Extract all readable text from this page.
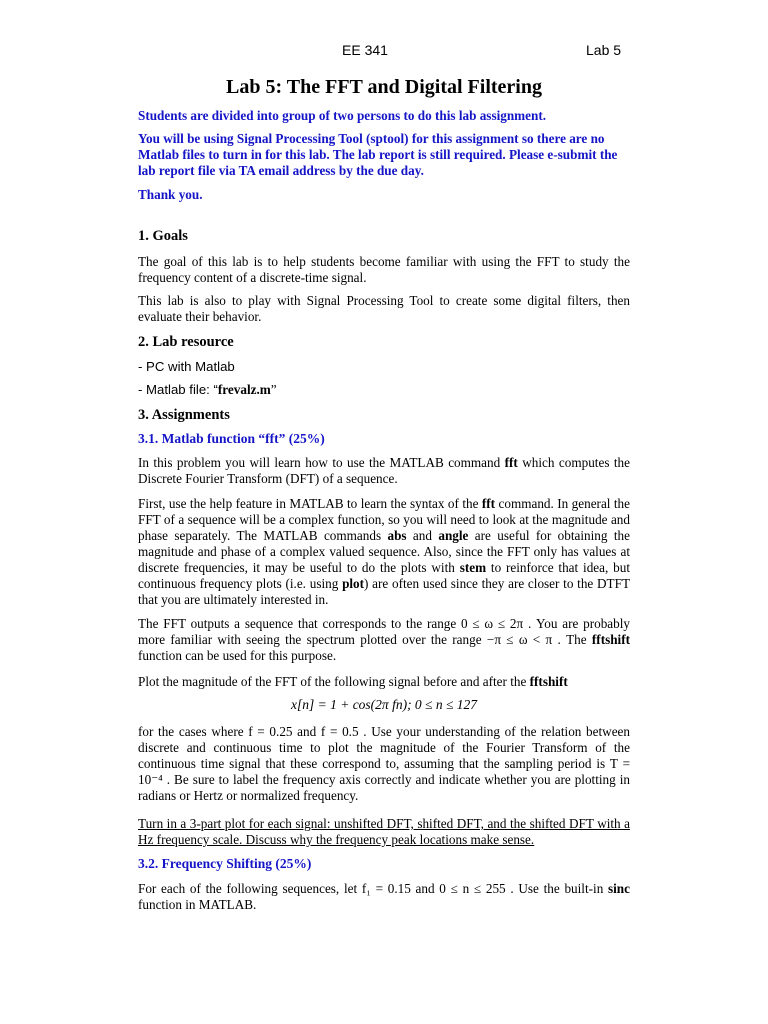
EE 341	Lab 5
Lab 5: The FFT and Digital Filtering
Students are divided into group of two persons to do this lab assignment.
You will be using Signal Processing Tool (sptool) for this assignment so there are no Matlab files to turn in for this lab. The lab report is still required. Please e-submit the lab report file via TA email address by the due day.
Thank you.
1. Goals
The goal of this lab is to help students become familiar with using the FFT to study the frequency content of a discrete-time signal.
This lab is also to play with Signal Processing Tool to create some digital filters, then evaluate their behavior.
2. Lab resource
- PC with Matlab
- Matlab file: “frevalz.m”
3. Assignments
3.1. Matlab function “fft” (25%)
In this problem you will learn how to use the MATLAB command fft which computes the Discrete Fourier Transform (DFT) of a sequence.
First, use the help feature in MATLAB to learn the syntax of the fft command. In general the FFT of a sequence will be a complex function, so you will need to look at the magnitude and phase separately. The MATLAB commands abs and angle are useful for obtaining the magnitude and phase of a complex valued sequence. Also, since the FFT only has values at discrete frequencies, it may be useful to do the plots with stem to reinforce that idea, but continuous frequency plots (i.e. using plot) are often used since they are closer to the DTFT that you are ultimately interested in.
The FFT outputs a sequence that corresponds to the range 0 ≤ ω ≤ 2π . You are probably more familiar with seeing the spectrum plotted over the range −π ≤ ω < π . The fftshift function can be used for this purpose.
Plot the magnitude of the FFT of the following signal before and after the fftshift
x[n] = 1 + cos(2π fn); 0 ≤ n ≤ 127
for the cases where f = 0.25 and f = 0.5 . Use your understanding of the relation between discrete and continuous time to plot the magnitude of the Fourier Transform of the continuous time signal that these correspond to, assuming that the sampling period is T = 10⁻⁴ . Be sure to label the frequency axis correctly and indicate whether you are plotting in radians or Hertz or normalized frequency.
Turn in a 3-part plot for each signal: unshifted DFT, shifted DFT, and the shifted DFT with a Hz frequency scale. Discuss why the frequency peak locations make sense.
3.2. Frequency Shifting (25%)
For each of the following sequences, let f₁ = 0.15 and 0 ≤ n ≤ 255 . Use the built-in sinc function in MATLAB.
